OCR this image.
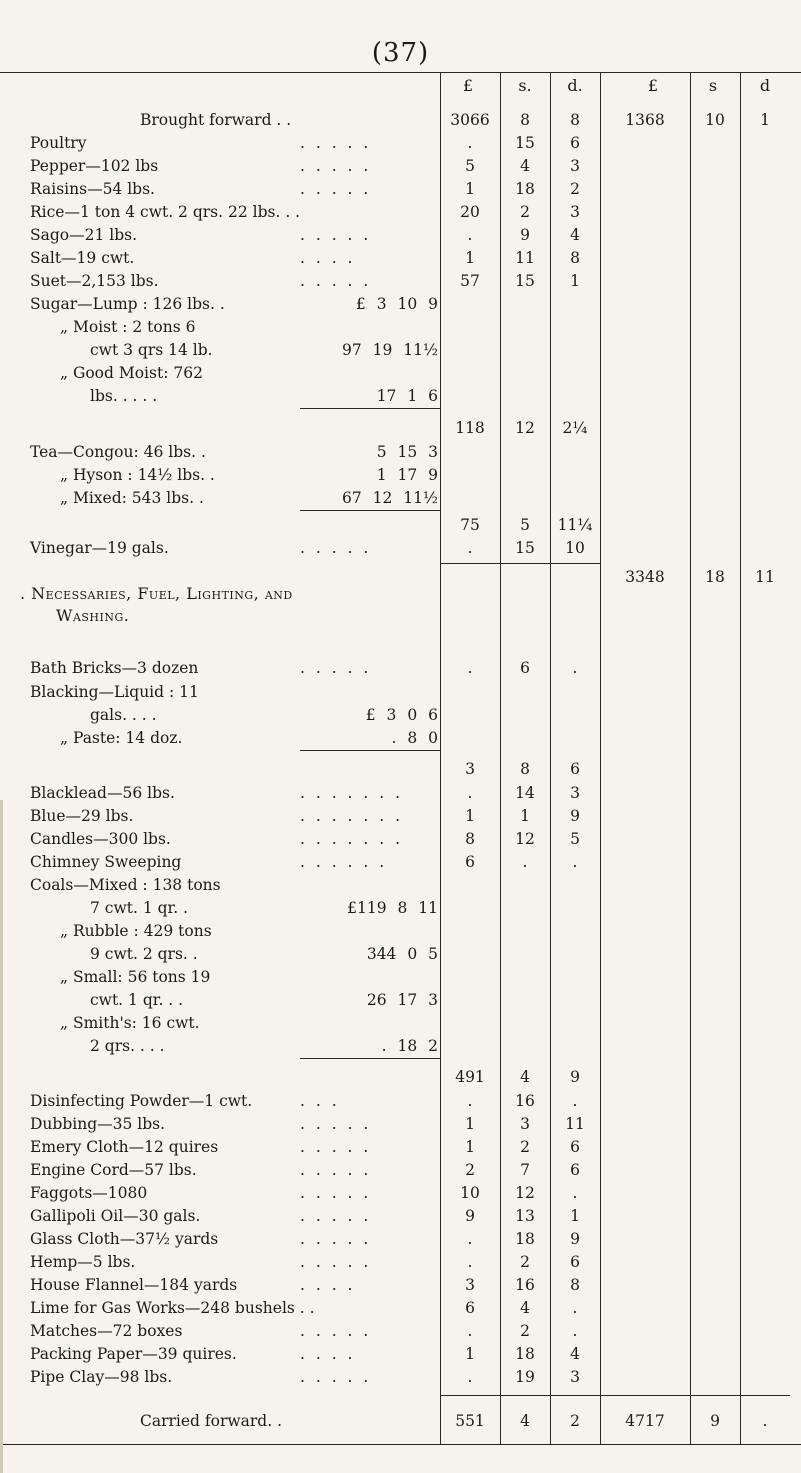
(37)
£	s.	d.	£	s	d
. Necessaries, Fuel, Lighting, and
Washing.
Brought forward . .	3066	8	8	1368	10	1
Poultry	. . . . .	.	15	6
Pepper—102 lbs	. . . . .	5	4	3
Raisins—54 lbs.	. . . . .	1	18	2
Rice—1 ton 4 cwt. 2 qrs. 22 lbs. . .	20	2	3
Sago—21 lbs.	. . . . .	.	9	4
Salt—19 cwt.	. . . .	1	11	8
Suet—2,153 lbs.	. . . . .	57	15	1
Sugar—Lump : 126 lbs. .	£ 3 10 9
„ Moist : 2 tons 6
cwt 3 qrs 14 lb.	97 19 11½
„ Good Moist: 762
lbs. . . . .	17 1 6
118	12	2¼
Tea—Congou: 46 lbs. .	5 15 3
„ Hyson : 14½ lbs. .	1 17 9
„ Mixed: 543 lbs. .	67 12 11½
75	5	11¼
Vinegar—19 gals.	. . . . .	.	15	10
3348	18	11
Bath Bricks—3 dozen	. . . . .	.	6	.
Blacking—Liquid : 11
gals. . . .	£ 3 0 6
„ Paste: 14 doz.	. 8 0
3	8	6
Blacklead—56 lbs.	. . . . . . .	.	14	3
Blue—29 lbs.	. . . . . . .	1	1	9
Candles—300 lbs.	. . . . . . .	8	12	5
Chimney Sweeping	. . . . . .	6	.	.
Coals—Mixed : 138 tons
7 cwt. 1 qr. .	£119 8 11
„ Rubble : 429 tons
9 cwt. 2 qrs. .	344 0 5
„ Small: 56 tons 19
cwt. 1 qr. . .	26 17 3
„ Smith's: 16 cwt.
2 qrs. . . .	. 18 2
491	4	9
Disinfecting Powder—1 cwt.	. . .	.	16	.
Dubbing—35 lbs.	. . . . .	1	3	11
Emery Cloth—12 quires	. . . . .	1	2	6
Engine Cord—57 lbs.	. . . . .	2	7	6
Faggots—1080	. . . . .	10	12	.
Gallipoli Oil—30 gals.	. . . . .	9	13	1
Glass Cloth—37½ yards	. . . . .	.	18	9
Hemp—5 lbs.	. . . . .	.	2	6
House Flannel—184 yards	. . . .	3	16	8
Lime for Gas Works—248 bushels . .	6	4	.
Matches—72 boxes	. . . . .	.	2	.
Packing Paper—39 quires.	. . . .	1	18	4
Pipe Clay—98 lbs.	. . . . .	.	19	3
Carried forward. .	551	4	2	4717	9	.
